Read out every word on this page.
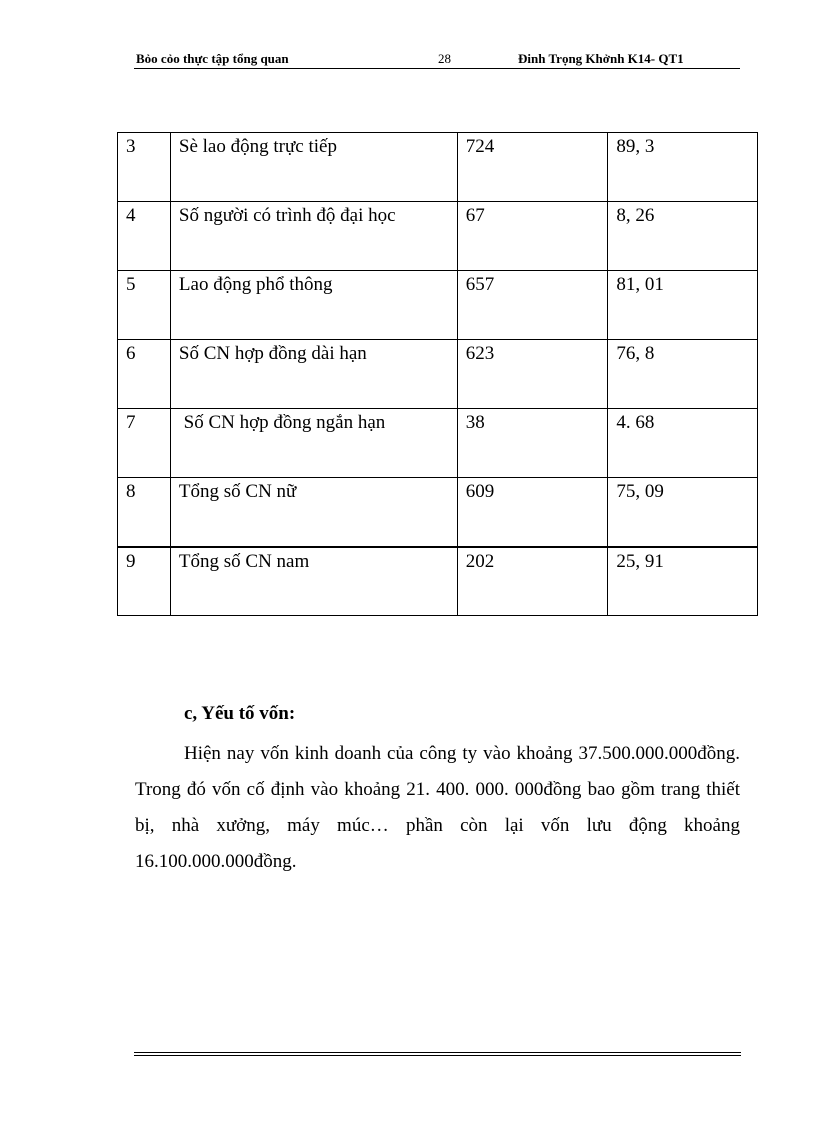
Bỏo cỏo thực tập tổng quan	28	Đinh Trọng Khởnh K14- QT1
3	Sè lao động trực tiếp	724	89, 3
4	Số người có trình độ đại học	67	8, 26
5	Lao động phổ thông	657	81, 01
6	Số CN hợp đồng dài hạn	623	76, 8
7	Số CN hợp đồng ngắn hạn	38	4. 68
8	Tổng số CN nữ	609	75, 09
9	Tổng số CN nam	202	25, 91
c, Yếu tố vốn:
Hiện nay vốn kinh doanh của công ty vào khoảng 37.500.000.000đồng. Trong đó vốn cố định vào khoảng 21. 400. 000. 000đồng bao gồm trang thiết bị, nhà xưởng, máy múc… phần còn lại vốn lưu động khoảng 16.100.000.000đồng.
